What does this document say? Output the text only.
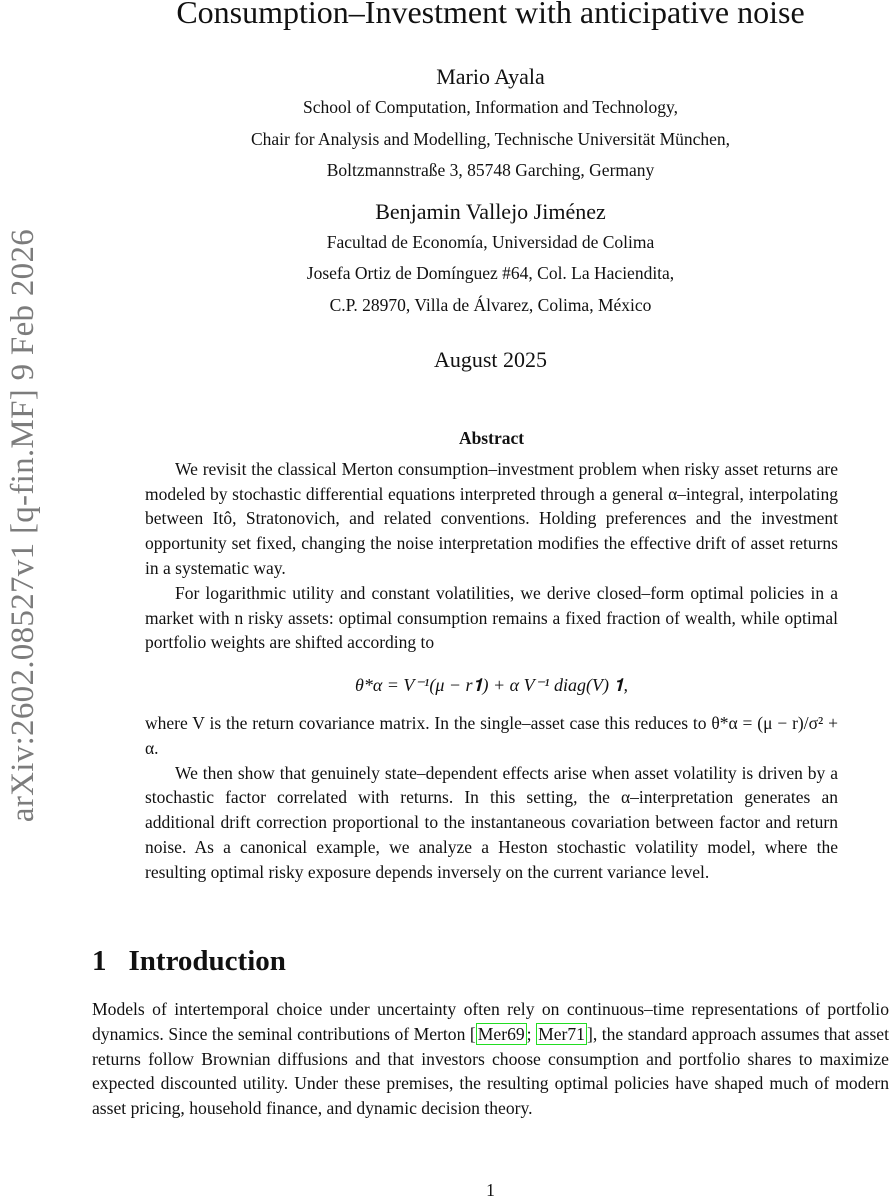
arXiv:2602.08527v1 [q-fin.MF] 9 Feb 2026
Consumption–Investment with anticipative noise

Mario Ayala

School of Computation, Information and Technology,

Chair for Analysis and Modelling, Technische Universität München,

Boltzmannstraße 3, 85748 Garching, Germany

Benjamin Vallejo Jiménez

Facultad de Economía, Universidad de Colima

Josefa Ortiz de Domínguez #64, Col. La Haciendita,

C.P. 28970, Villa de Álvarez, Colima, México

August 2025

Abstract

We revisit the classical Merton consumption–investment problem when risky asset returns are modeled by stochastic differential equations interpreted through a general α–integral, interpolating between Itô, Stratonovich, and related conventions. Holding preferences and the investment opportunity set fixed, changing the noise interpretation modifies the effective drift of asset returns in a systematic way.

For logarithmic utility and constant volatilities, we derive closed–form optimal policies in a market with n risky assets: optimal consumption remains a fixed fraction of wealth, while optimal portfolio weights are shifted according to

θ*α = V⁻¹(μ − r𝟏) + α V⁻¹ diag(V) 𝟏,

where V is the return covariance matrix. In the single–asset case this reduces to θ*α = (μ − r)/σ² + α.

We then show that genuinely state–dependent effects arise when asset volatility is driven by a stochastic factor correlated with returns. In this setting, the α–interpretation generates an additional drift correction proportional to the instantaneous covariation between factor and return noise. As a canonical example, we analyze a Heston stochastic volatility model, where the resulting optimal risky exposure depends inversely on the current variance level.

1 Introduction

Models of intertemporal choice under uncertainty often rely on continuous–time representations of portfolio dynamics. Since the seminal contributions of Merton [ Mer69 ; Mer71 ], the standard approach assumes that asset returns follow Brownian diffusions and that investors choose consumption and portfolio shares to maximize expected discounted utility. Under these premises, the resulting optimal policies have shaped much of modern asset pricing, household finance, and dynamic decision theory.

1
